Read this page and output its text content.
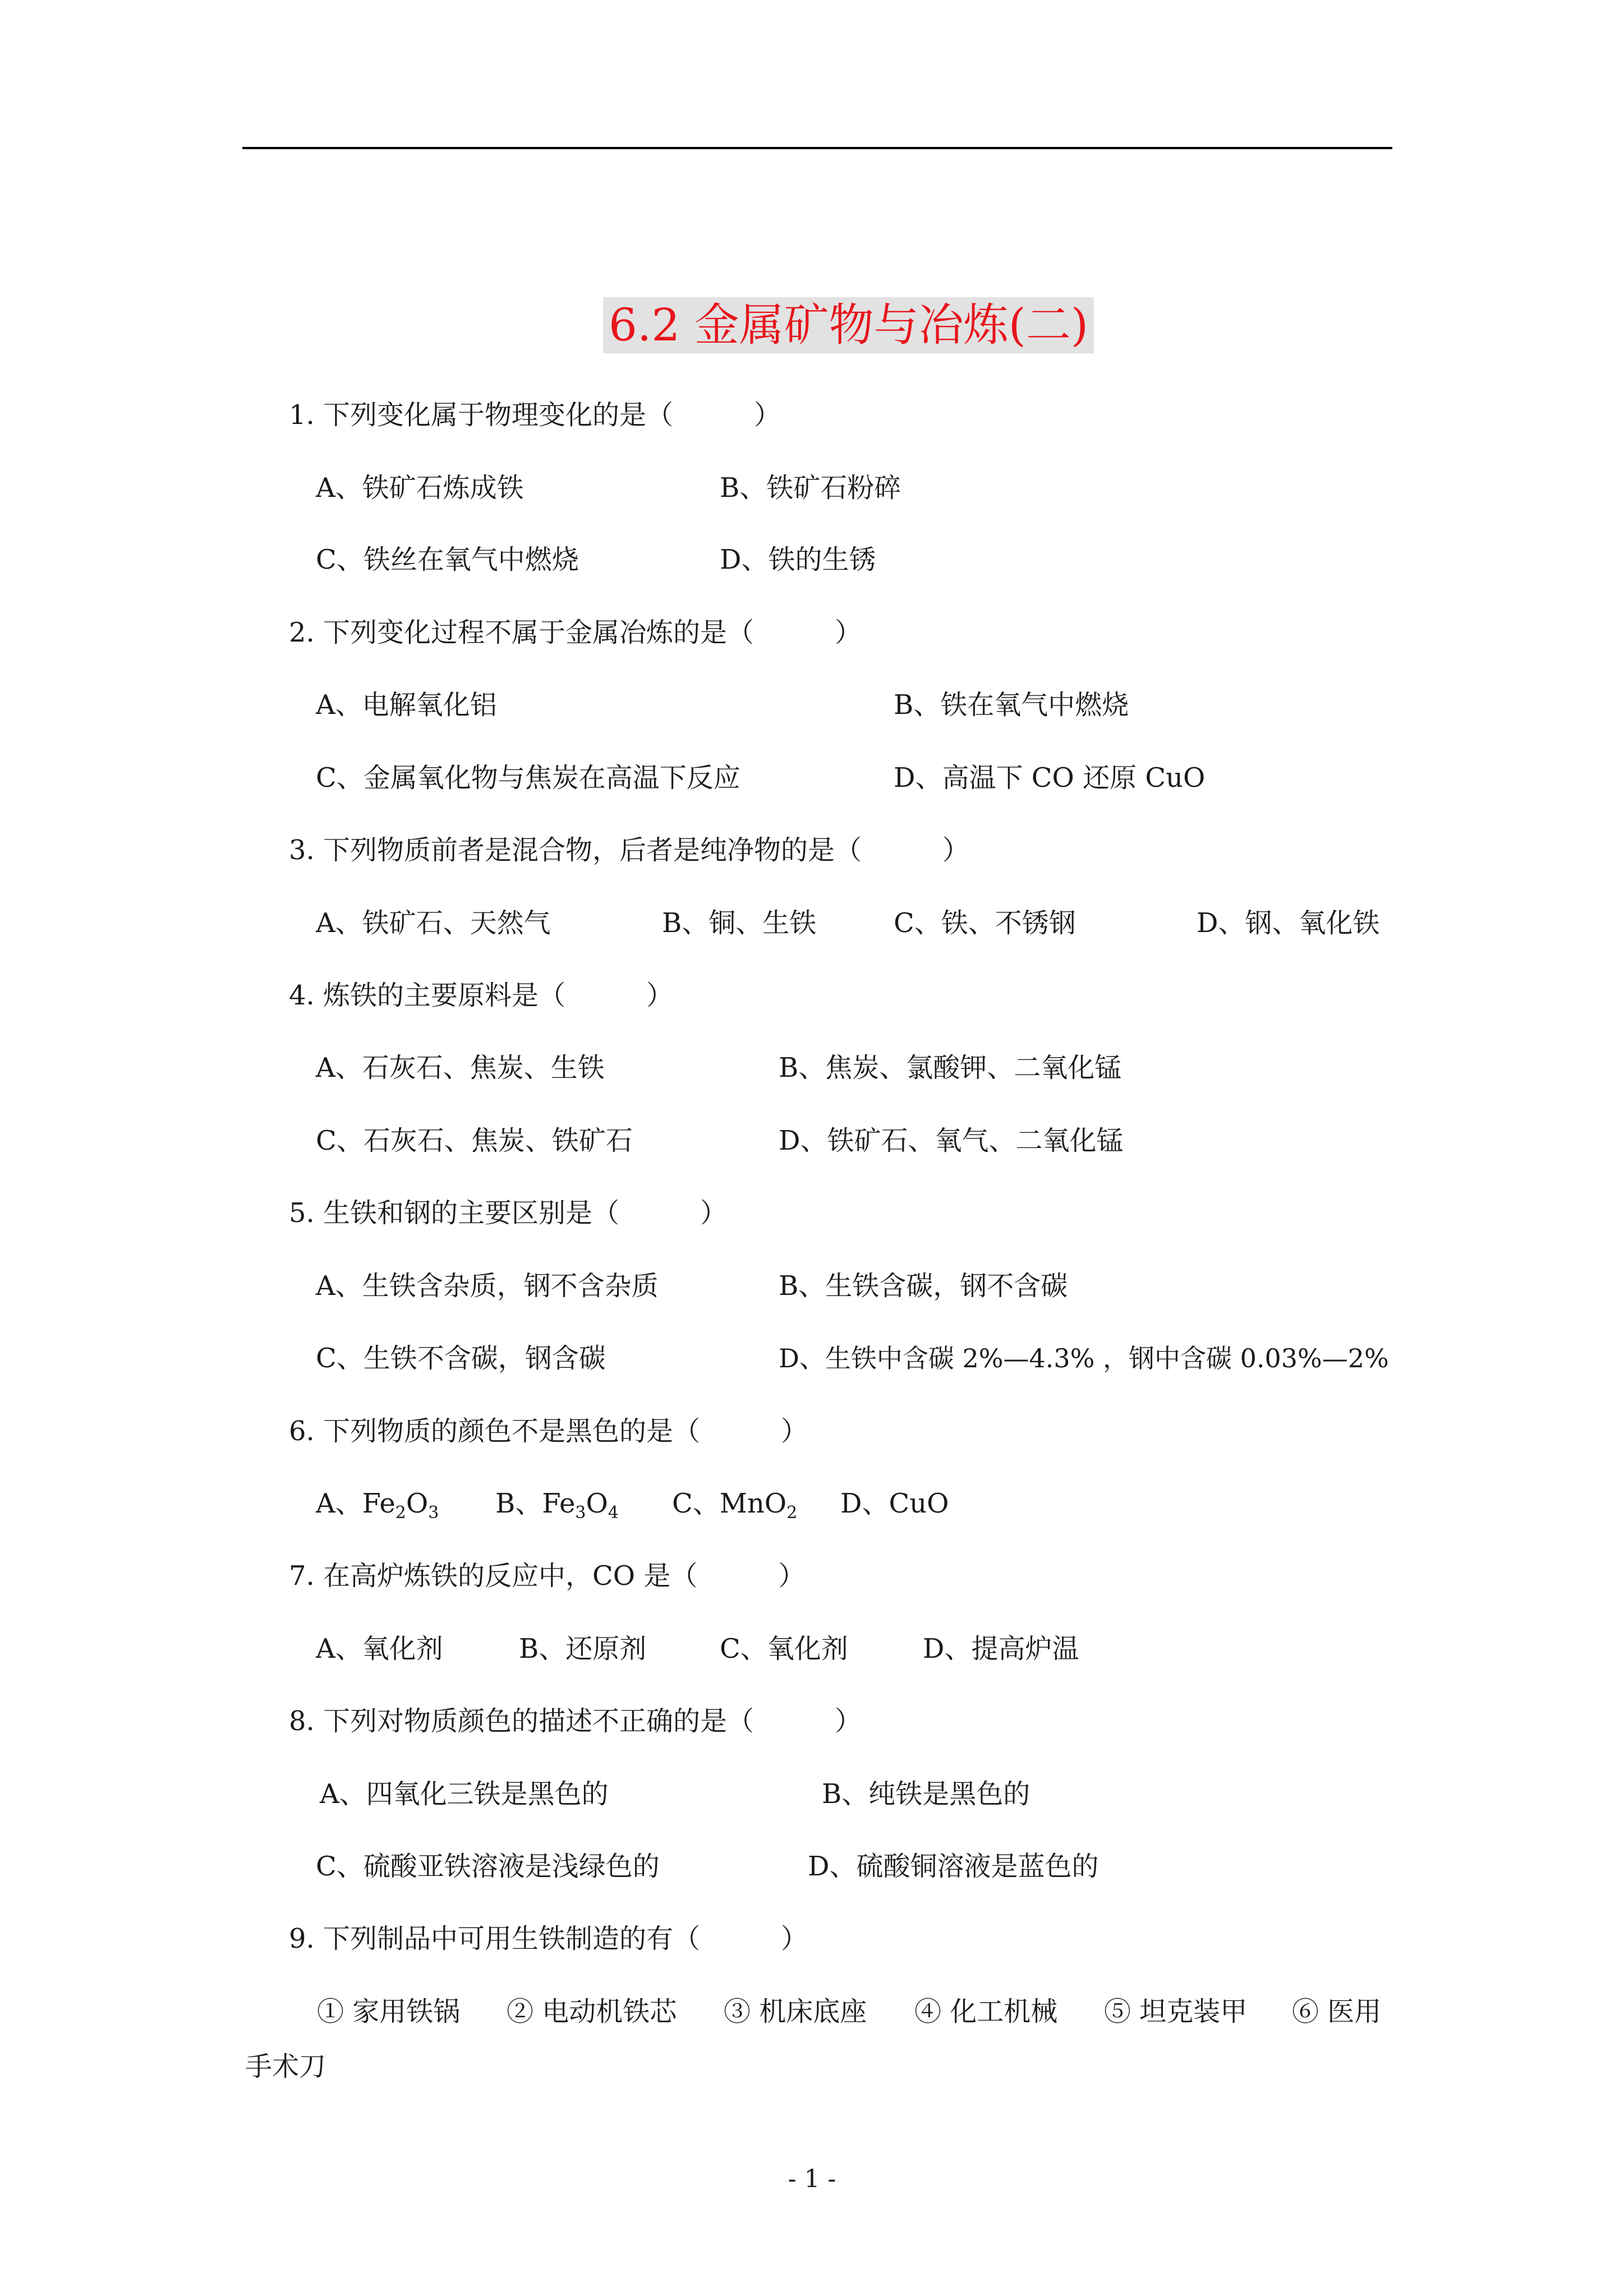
6.2 金属矿物与冶炼(二)
1. 下列变化属于物理变化的是（　　　）
A、铁矿石炼成铁	B、铁矿石粉碎
C、铁丝在氧气中燃烧	D、铁的生锈
2. 下列变化过程不属于金属冶炼的是（　　　）
A、电解氧化铝	B、铁在氧气中燃烧
C、金属氧化物与焦炭在高温下反应	D、高温下 CO 还原 CuO
3. 下列物质前者是混合物，后者是纯净物的是（　　　）
A、铁矿石、天然气	B、铜、生铁	C、铁、不锈钢	D、钢、氧化铁
4. 炼铁的主要原料是（　　　）
A、石灰石、焦炭、生铁	B、焦炭、氯酸钾、二氧化锰
C、石灰石、焦炭、铁矿石	D、铁矿石、氧气、二氧化锰
5. 生铁和钢的主要区别是（　　　）
A、生铁含杂质，钢不含杂质	B、生铁含碳，钢不含碳
C、生铁不含碳，钢含碳	D、生铁中含碳 2%—4.3% ，钢中含碳 0.03%—2%
6. 下列物质的颜色不是黑色的是（　　　）
A、$Fe_2O_3$ B、$Fe_3O_4$ C、MnO$_2$ D、CuO
7. 在高炉炼铁的反应中，CO 是（　　　）
A、氧化剂	B、还原剂	C、氧化剂	D、提高炉温
8. 下列对物质颜色的描述不正确的是（　　　）
A、四氧化三铁是黑色的	B、纯铁是黑色的
C、硫酸亚铁溶液是浅绿色的	D、硫酸铜溶液是蓝色的
9. 下列制品中可用生铁制造的有（　　　）
① 家用铁锅 ② 电动机铁芯 ③ 机床底座 ④ 化工机械 ⑤ 坦克装甲 ⑥ 医用
手术刀
- 1 -
